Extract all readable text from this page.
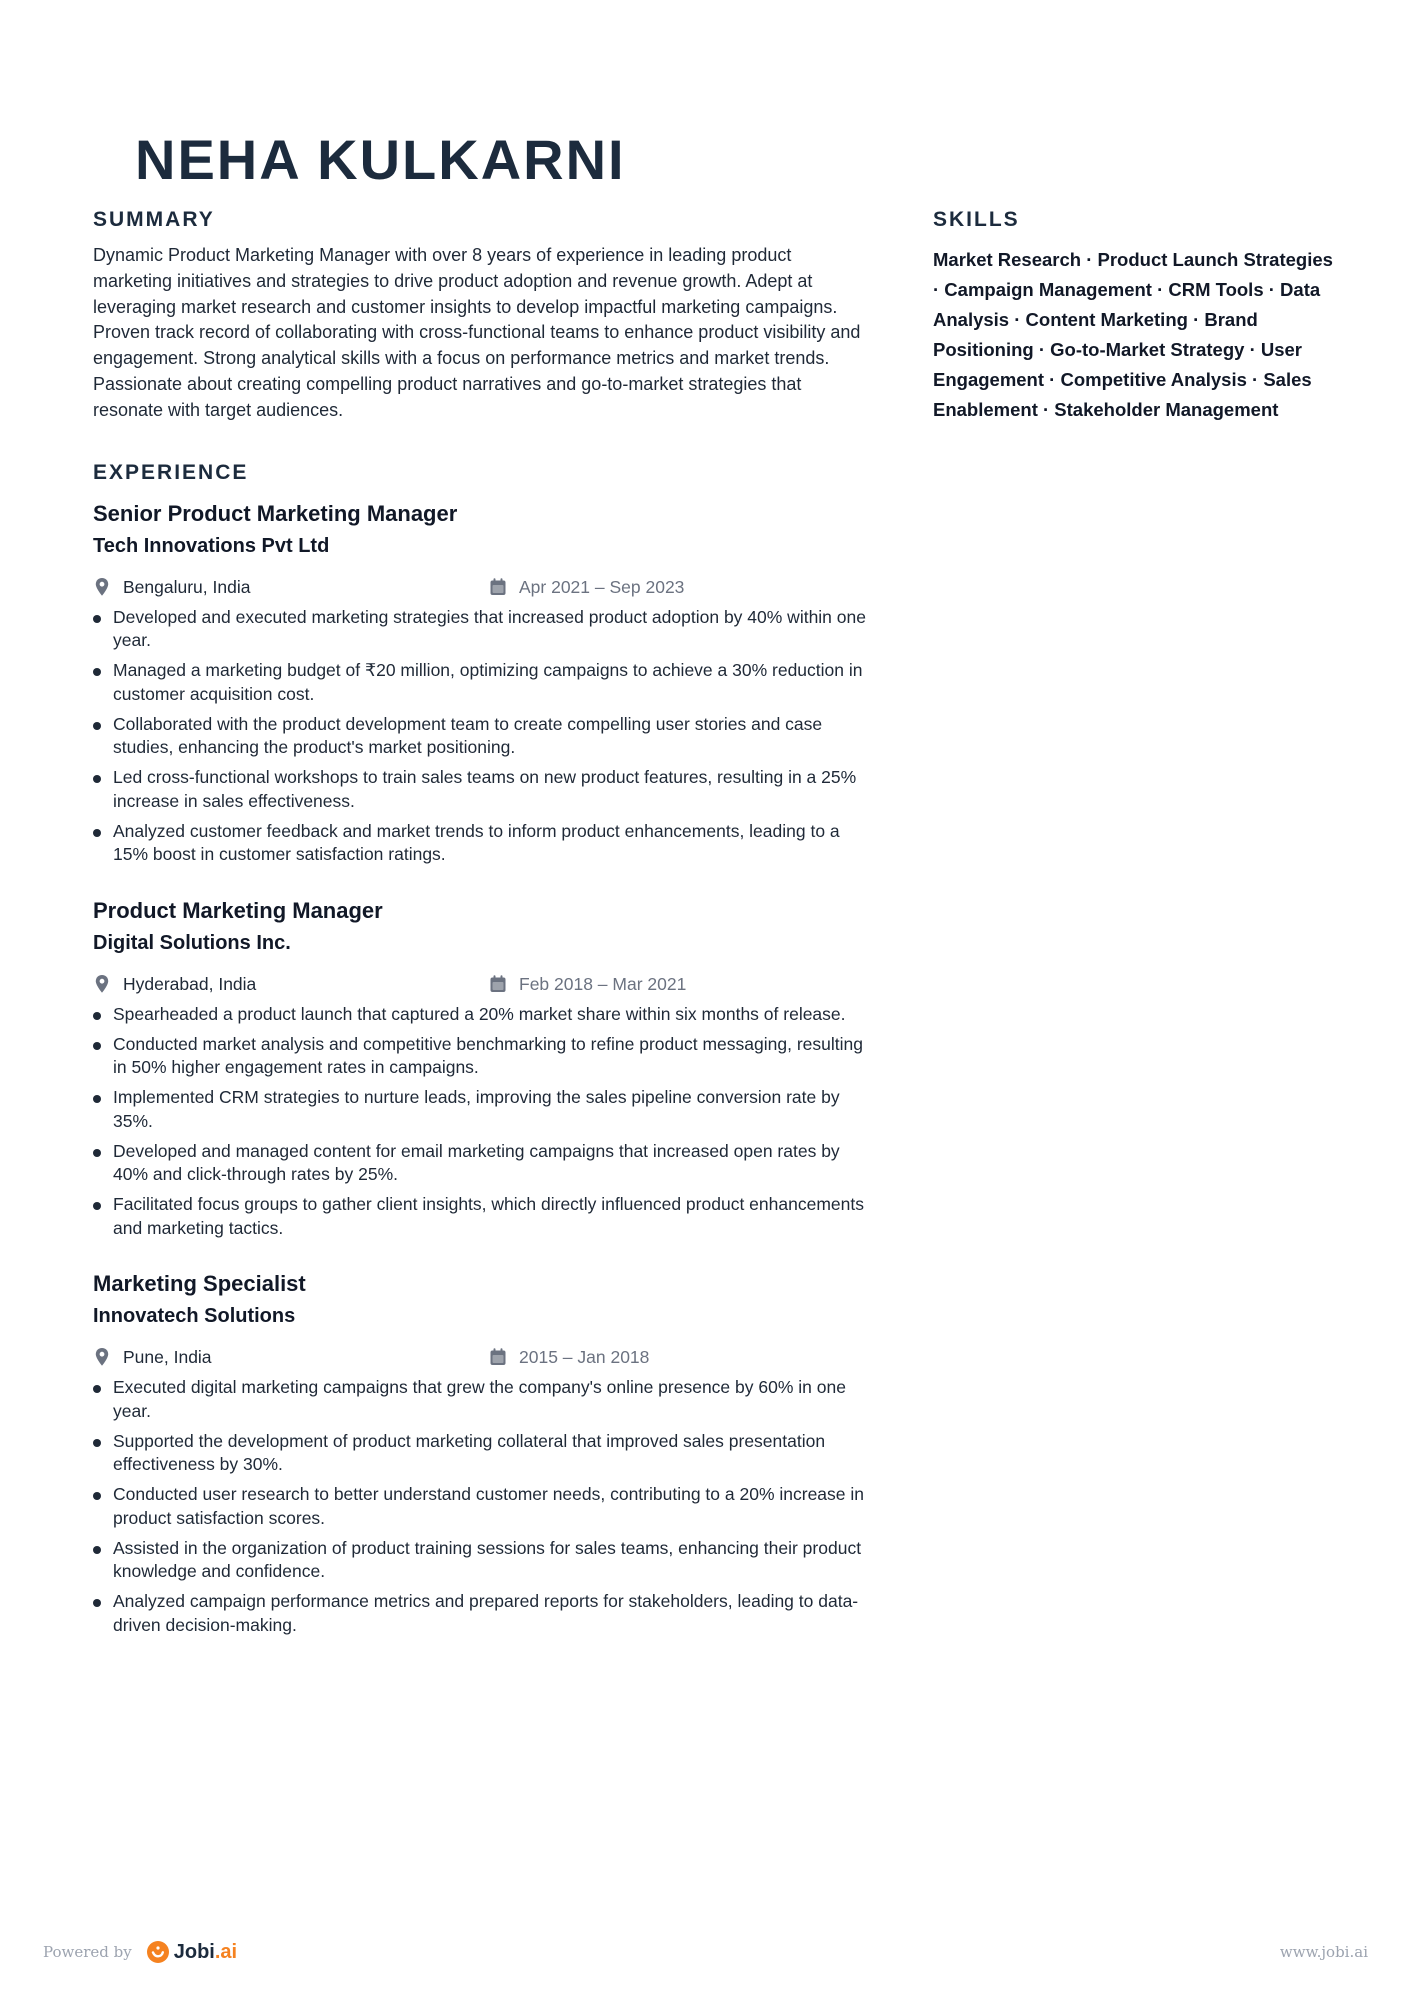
NEHA KULKARNI
SUMMARY

Dynamic Product Marketing Manager with over 8 years of experience in leading product marketing initiatives and strategies to drive product adoption and revenue growth. Adept at leveraging market research and customer insights to develop impactful marketing campaigns. Proven track record of collaborating with cross-functional teams to enhance product visibility and engagement. Strong analytical skills with a focus on performance metrics and market trends. Passionate about creating compelling product narratives and go-to-market strategies that resonate with target audiences.

EXPERIENCE

Senior Product Marketing Manager

Tech Innovations Pvt Ltd

Bengaluru, India	Apr 2021 – Sep 2023
Developed and executed marketing strategies that increased product adoption by 40% within one year.
Managed a marketing budget of ₹20 million, optimizing campaigns to achieve a 30% reduction in customer acquisition cost.
Collaborated with the product development team to create compelling user stories and case studies, enhancing the product's market positioning.
Led cross-functional workshops to train sales teams on new product features, resulting in a 25% increase in sales effectiveness.
Analyzed customer feedback and market trends to inform product enhancements, leading to a 15% boost in customer satisfaction ratings.

Product Marketing Manager

Digital Solutions Inc.

Hyderabad, India	Feb 2018 – Mar 2021
Spearheaded a product launch that captured a 20% market share within six months of release.
Conducted market analysis and competitive benchmarking to refine product messaging, resulting in 50% higher engagement rates in campaigns.
Implemented CRM strategies to nurture leads, improving the sales pipeline conversion rate by 35%.
Developed and managed content for email marketing campaigns that increased open rates by 40% and click-through rates by 25%.
Facilitated focus groups to gather client insights, which directly influenced product enhancements and marketing tactics.

Marketing Specialist

Innovatech Solutions

Pune, India	2015 – Jan 2018
Executed digital marketing campaigns that grew the company's online presence by 60% in one year.
Supported the development of product marketing collateral that improved sales presentation effectiveness by 30%.
Conducted user research to better understand customer needs, contributing to a 20% increase in product satisfaction scores.
Assisted in the organization of product training sessions for sales teams, enhancing their product knowledge and confidence.
Analyzed campaign performance metrics and prepared reports for stakeholders, leading to data-driven decision-making.
SKILLS

Market Research · Product Launch Strategies · Campaign Management · CRM Tools · Data Analysis · Content Marketing · Brand Positioning · Go-to-Market Strategy · User Engagement · Competitive Analysis · Sales Enablement · Stakeholder Management

Powered by Jobi.ai	www.jobi.ai
